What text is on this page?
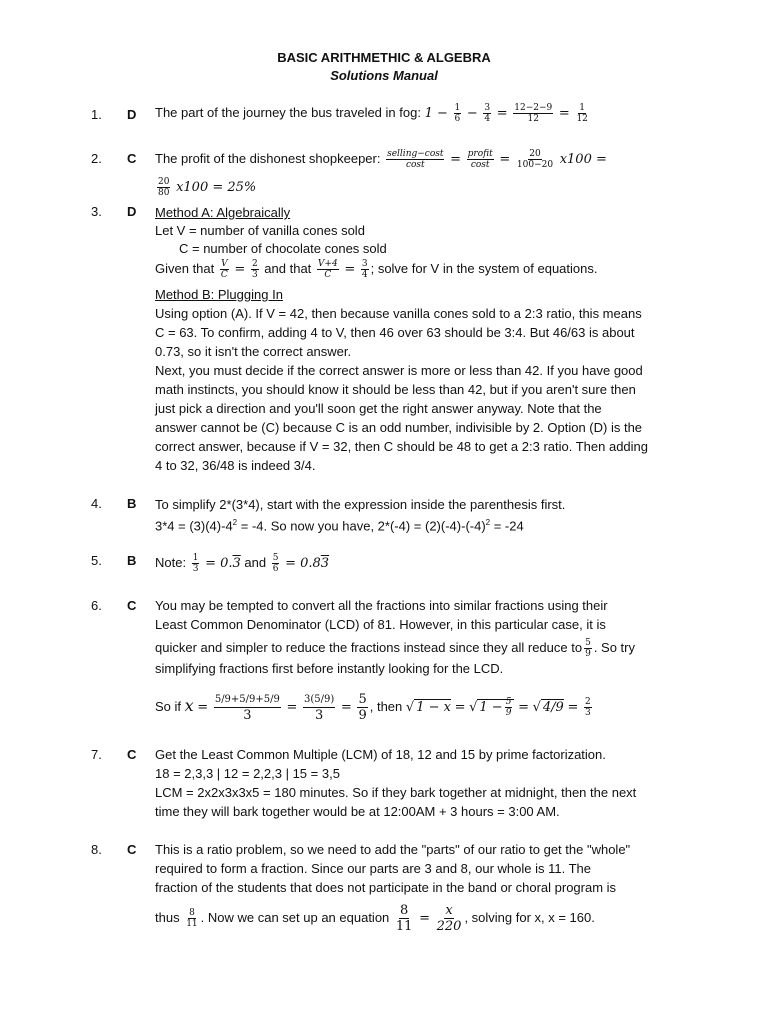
BASIC ARITHMETHIC & ALGEBRA
Solutions Manual
1. D
2. C
3. D
4. B
5. B
6. C
7. C
8. C
The part of the journey the bus traveled in fog: $1 - \frac{1}{6} - \frac{3}{4} = \frac{12-2-9}{12} = \frac{1}{12}$
The profit of the dishonest shopkeeper: $\frac{\text{selling−cost}}{\cos t} = \frac{\text{profit}}{\cos t} = \frac{20}{100-20} x100$ =
$\frac{20}{80} x100 = 25\%$
Method A: Algebraically
Let V = number of vanilla cones sold
C = number of chocolate cones sold
Given that $\frac{V}{C} = \frac{2}{3}$ and that $\frac{V+4}{C} = \frac{3}{4}$ ; solve for V in the system of equations.
Method B: Plugging In
Using option (A). If V = 42, then because vanilla cones sold to a 2:3 ratio, this means
C = 63. To confirm, adding 4 to V, then 46 over 63 should be 3:4. But 46/63 is about
0.73, so it isn't the correct answer.
Next, you must decide if the correct answer is more or less than 42. If you have good
math instincts, you should know it should be less than 42, but if you aren't sure then
just pick a direction and you'll soon get the right answer anyway. Note that the
answer cannot be (C) because C is an odd number, indivisible by 2. Option (D) is the
correct answer, because if V = 32, then C should be 48 to get a 2:3 ratio. Then adding
4 to 32, 36/48 is indeed 3/4.
To simplify 2*(3*4), start with the expression inside the parenthesis first.
$3*4 = (3)(4)-4^2 = -4$. So now you have, $2*(-4) = (2)(-4)-(-4)^2 = -24$
Note: $\frac{1}{3} = 0.3$ and $\frac{5}{6} = 0.83$
You may be tempted to convert all the fractions into similar fractions using their
Least Common Denominator (LCD) of 81. However, in this particular case, it is
quicker and simpler to reduce the fractions instead since they all reduce to $\frac{5}{9}$ . So try
simplifying fractions first before instantly looking for the LCD.
So if $x = \frac{5/9+5/9+5/9}{3} = \frac{3(5/9)}{3} = \frac{5}{9}$ , then √ 1 − x = √ $1 - \frac{5}{9}$ = √ $4/9 = \frac{2}{3}$
Get the Least Common Multiple (LCM) of 18, 12 and 15 by prime factorization.
18 = 2,3,3 | 12 = 2,2,3 | 15 = 3,5
LCM = 2x2x3x3x5 = 180 minutes. So if they bark together at midnight, then the next
time they will bark together would be at 12:00AM + 3 hours = 3:00 AM.
This is a ratio problem, so we need to add the "parts" of our ratio to get the "whole"
required to form a fraction. Since our parts are 3 and 8, our whole is 11. The
fraction of the students that does not participate in the band or choral program is
thus $\frac{8}{11}$ . Now we can set up an equation $\frac{8}{11} = \frac{x}{220}$ , solving for x, x = 160.
